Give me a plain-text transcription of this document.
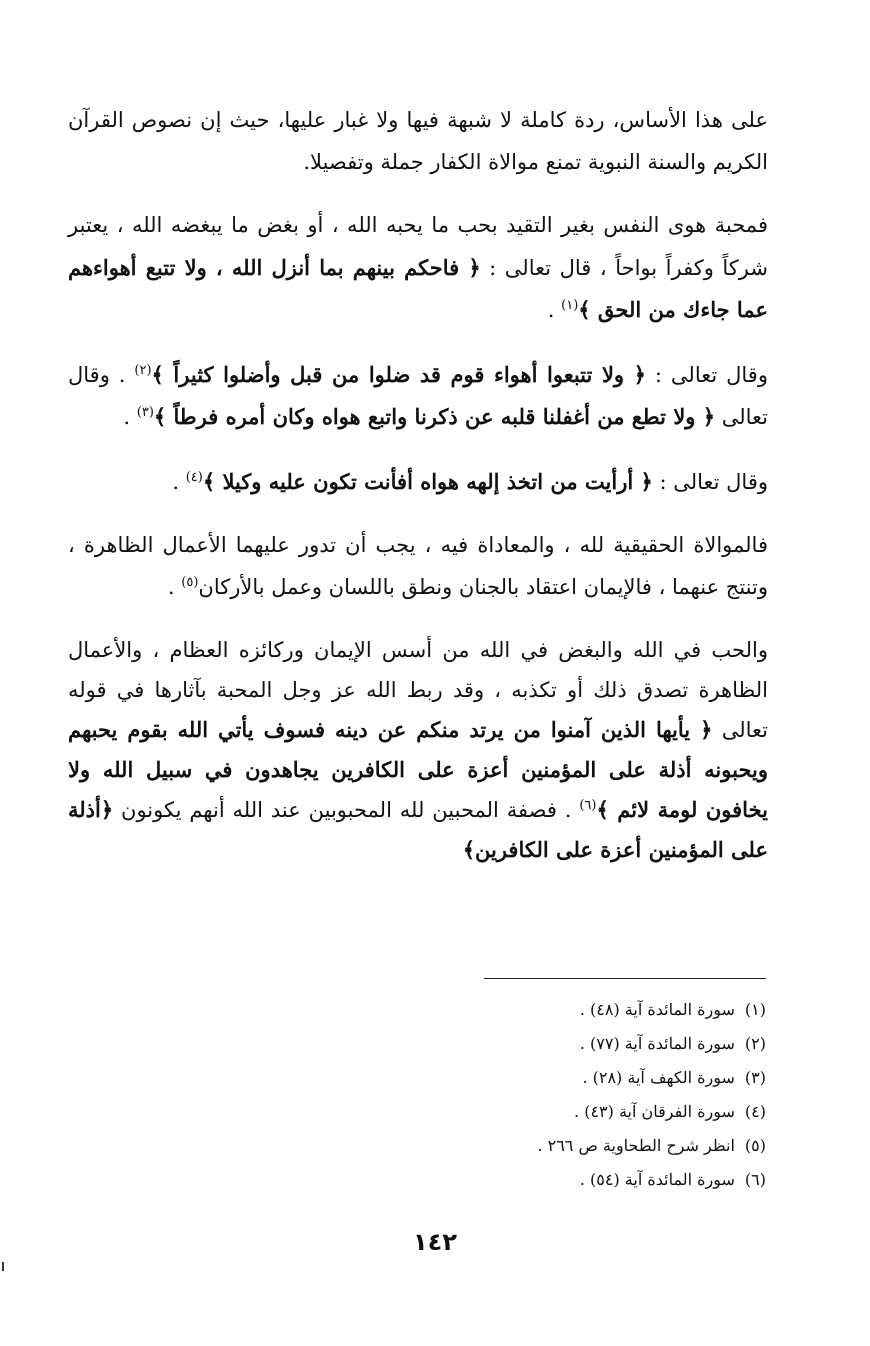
على هذا الأساس، ردة كاملة لا شبهة فيها ولا غبار عليها، حيث إن نصوص القرآن الكريم والسنة النبوية تمنع موالاة الكفار جملة وتفصيلا.

فمحبة هوى النفس بغير التقيد بحب ما يحبه الله ، أو بغض ما يبغضه الله ، يعتبر شركاً وكفراً بواحاً ، قال تعالى : ﴿ فاحكم بينهم بما أنزل الله ، ولا تتبع أهواءهم عما جاءك من الحق ﴾$^{(١)}$ .

وقال تعالى : ﴿ ولا تتبعوا أهواء قوم قد ضلوا من قبل وأضلوا كثيراً ﴾$^{(٢)}$ . وقال تعالى ﴿ ولا تطع من أغفلنا قلبه عن ذكرنا واتبع هواه وكان أمره فرطاً ﴾$^{(٣)}$ .

وقال تعالى : ﴿ أرأيت من اتخذ إلهه هواه أفأنت تكون عليه وكيلا ﴾$^{(٤)}$ .

فالموالاة الحقيقية لله ، والمعاداة فيه ، يجب أن تدور عليهما الأعمال الظاهرة ، وتنتج عنهما ، فالإيمان اعتقاد بالجنان ونطق باللسان وعمل بالأركان$^{(٥)}$ .

والحب في الله والبغض في الله من أسس الإيمان وركائزه العظام ، والأعمال الظاهرة تصدق ذلك أو تكذبه ، وقد ربط الله عز وجل المحبة بآثارها في قوله تعالى ﴿ يأيها الذين آمنوا من يرتد منكم عن دينه فسوف يأتي الله بقوم يحبهم ويحبونه أذلة على المؤمنين أعزة على الكافرين يجاهدون في سبيل الله ولا يخافون لومة لائم ﴾$^{(٦)}$ . فصفة المحبين لله المحبوبين عند الله أنهم يكونون ﴿أذلة على المؤمنين أعزة على الكافرين﴾

(١)سورة المائدة آية (٤٨) .
(٢)سورة المائدة آية (٧٧) .
(٣)سورة الكهف آية (٢٨) .
(٤)سورة الفرقان آية (٤٣) .
(٥)انظر شرح الطحاوية ص ٢٦٦ .
(٦)سورة المائدة آية (٥٤) .
١٤٢
